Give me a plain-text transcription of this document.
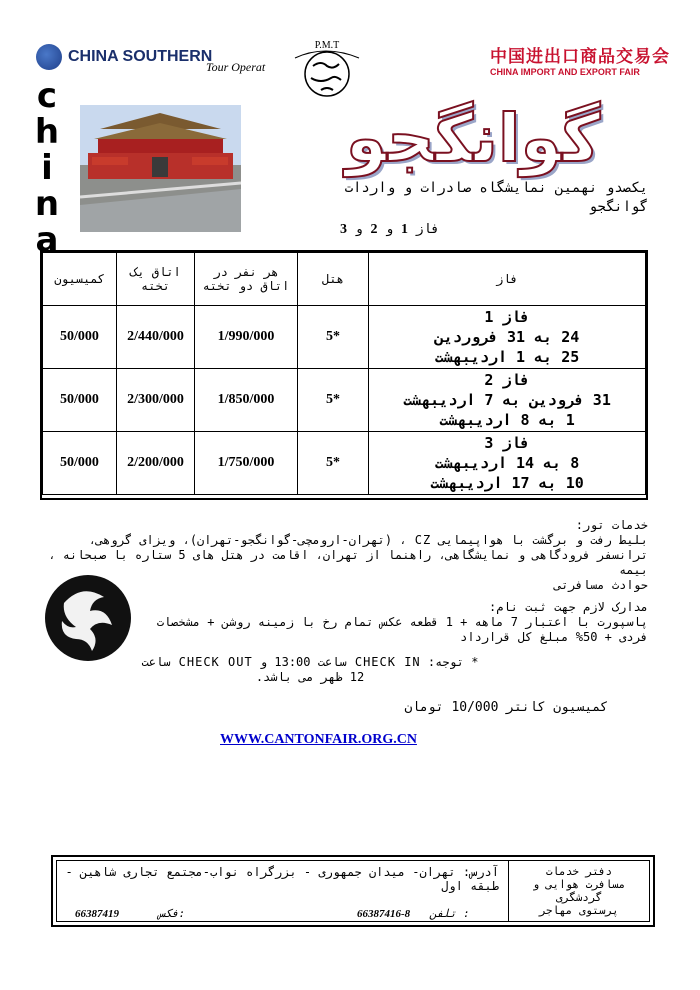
CHINA SOUTHERN
Tour Operat
P.M.T
中国进出口商品交易会
CHINA IMPORT AND EXPORT FAIR
c
h
i
n
a
گوانگجو
یکصدو نهمین نمایشگاه صادرات و واردات
گوانگجو
فاز 1 و 2 و 3
کمیسیون	اتاق یک تخته	هر نفر در اتاق دو تخته	هتل	فاز
50/000	2/440/000	1/990/000	5*	فاز 1
24 به 31 فروردین
25 به 1 اردیبهشت

50/000	2/300/000	1/850/000	5*	فاز 2
31 فرودین به 7 اردیبهشت
1 به 8 اردیبهشت

50/000	2/200/000	1/750/000	5*	فاز 3
8 به 14 اردیبهشت
10 به 17 اردیبهشت
خدمات تور:
بلیط رفت و برگشت با هواپیمایی CZ ، (تهران-ارومچی-گوانگجو-تهران)، ویزای گروهی،
ترانسفر فرودگاهی و نمایشگاهی، راهنما از تهران، اقامت در هتل های 5 ستاره با صبحانه ، بیمه
حوادث مسافرتی
مدارک لازم جهت ثبت نام:
پاسپورت با اعتبار 7 ماهه + 1 قطعه عکس تمام رخ با زمینه روشن + مشخصات
فردی + 50% مبلغ کل قرارداد
* توجه: CHECK IN ساعت 13:00 و CHECK OUT ساعت
12 ظهر می باشد.
کمیسیون کانتر 10/000 تومان
WWW.CANTONFAIR.ORG.CN
دفتر خدمات
مسافرت هوایی و
گردشگری
پرستوی مهاجر
آدرس: تهران- میدان جمهوری - بزرگراه نواب-مجتمع تجاری شاهین - طبقه اول
66387416-8 تلفن :
66387419	فکس:
